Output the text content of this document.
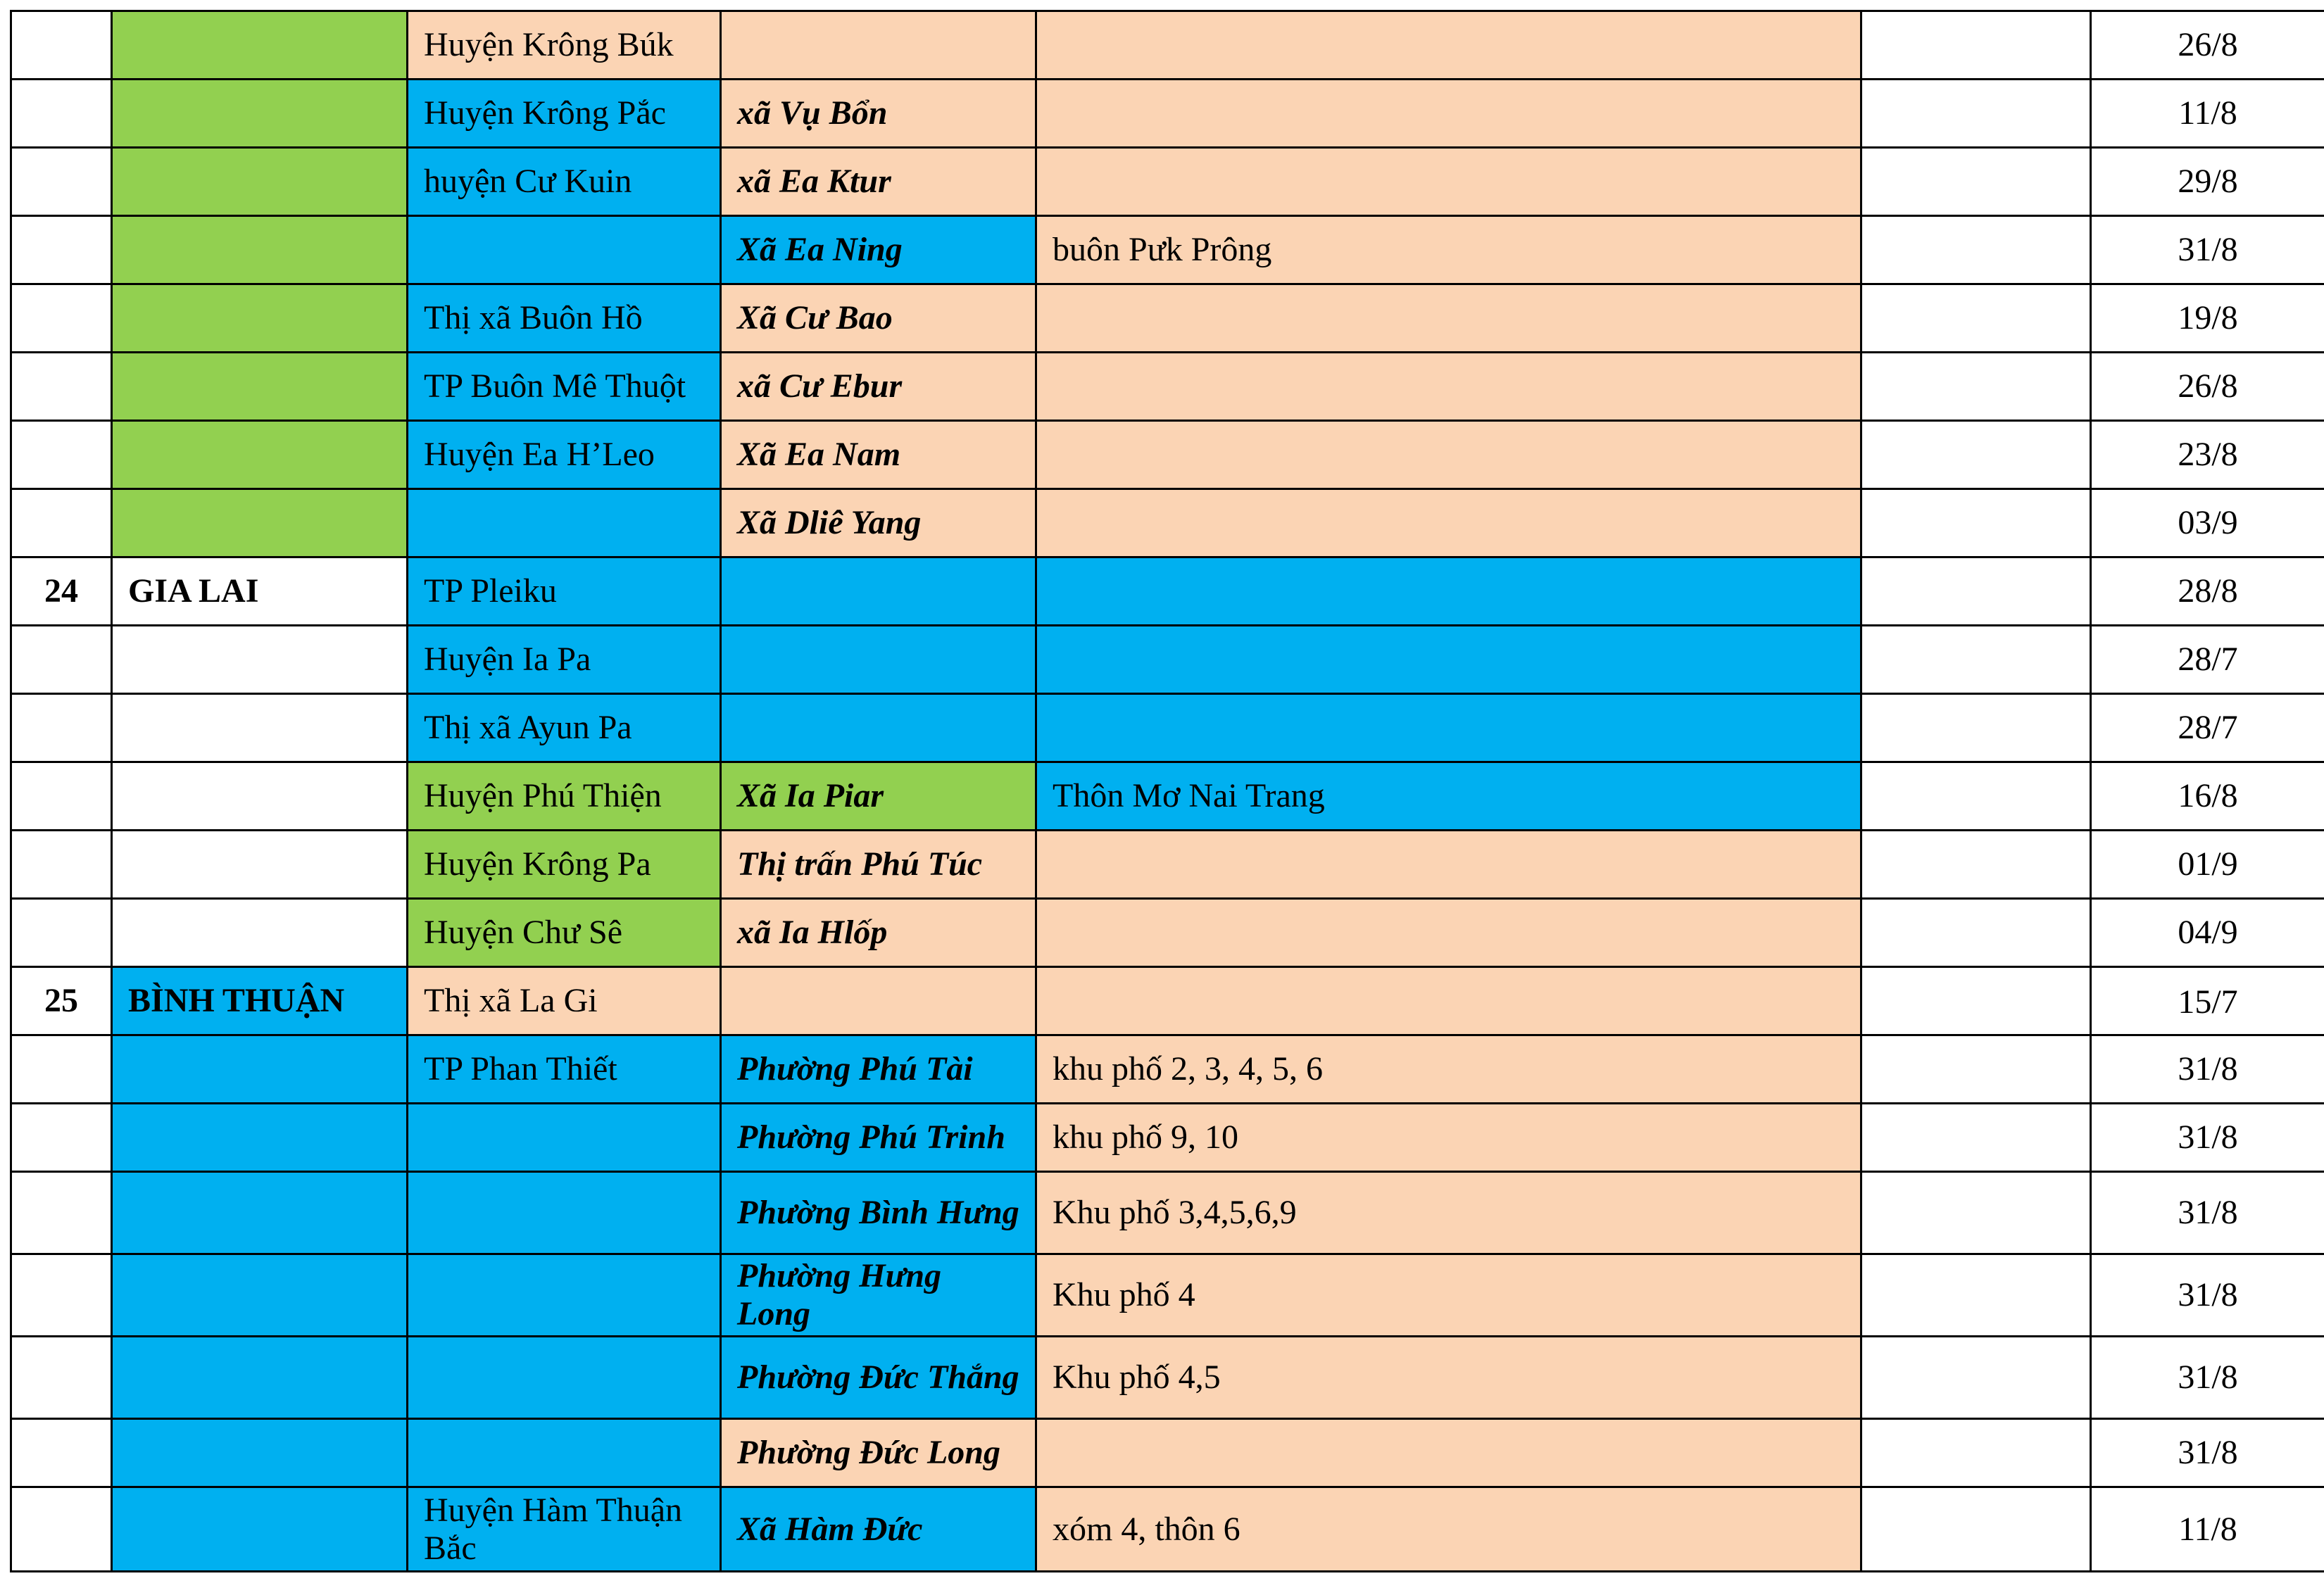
		Huyện Krông Búk				26/8
		Huyện Krông Pắc	xã Vụ Bổn			11/8
		huyện Cư Kuin	xã Ea Ktur			29/8
			Xã Ea Ning	buôn Pưk Prông		31/8
		Thị xã Buôn Hồ	Xã Cư Bao			19/8
		TP Buôn Mê Thuột	xã Cư Ebur			26/8
		Huyện Ea H’Leo	Xã Ea Nam			23/8
			Xã Dliê Yang			03/9
24	GIA LAI	TP Pleiku				28/8
		Huyện Ia Pa				28/7
		Thị xã Ayun Pa				28/7
		Huyện Phú Thiện	Xã Ia Piar	Thôn Mơ Nai Trang		16/8
		Huyện Krông Pa	Thị trấn Phú Túc			01/9
		Huyện Chư Sê	xã Ia Hlốp			04/9
25	BÌNH THUẬN	Thị xã La Gi				15/7
		TP Phan Thiết	Phường Phú Tài	khu phố 2, 3, 4, 5, 6		31/8
			Phường Phú Trinh	khu phố 9, 10		31/8
			Phường Bình Hưng	Khu phố 3,4,5,6,9		31/8
			Phường Hưng Long	Khu phố 4		31/8
			Phường Đức Thắng	Khu phố 4,5		31/8
			Phường Đức Long			31/8
		Huyện Hàm Thuận Bắc	Xã Hàm Đức	xóm 4, thôn 6		11/8
